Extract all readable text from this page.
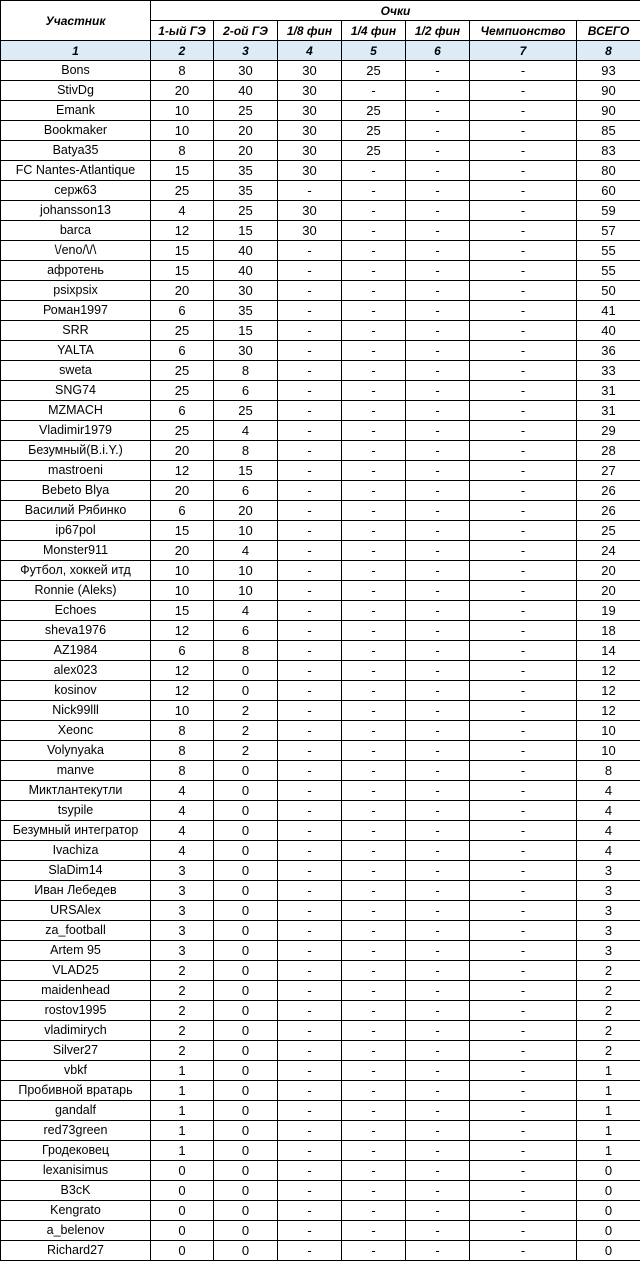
Участник	Очки						
	1-ый ГЭ	2-ой ГЭ	1/8 фин	1/4 фин	1/2 фин	Чемпионство	ВСЕГО
1	2	3	4	5	6	7	8
Bons	8	30	30	25	-	-	93
StivDg	20	40	30	-	-	-	90
Emank	10	25	30	25	-	-	90
Bookmaker	10	20	30	25	-	-	85
Batya35	8	20	30	25	-	-	83
FC Nantes-Atlantique	15	35	30	-	-	-	80
серж63	25	35	-	-	-	-	60
johansson13	4	25	30	-	-	-	59
barca	12	15	30	-	-	-	57
\/eno/\/\	15	40	-	-	-	-	55
афротень	15	40	-	-	-	-	55
psixpsix	20	30	-	-	-	-	50
Роман1997	6	35	-	-	-	-	41
SRR	25	15	-	-	-	-	40
YALTA	6	30	-	-	-	-	36
sweta	25	8	-	-	-	-	33
SNG74	25	6	-	-	-	-	31
MZMACH	6	25	-	-	-	-	31
Vladimir1979	25	4	-	-	-	-	29
Безумный(B.i.Y.)	20	8	-	-	-	-	28
mastroeni	12	15	-	-	-	-	27
Bebeto Blya	20	6	-	-	-	-	26
Василий Рябинко	6	20	-	-	-	-	26
ip67pol	15	10	-	-	-	-	25
Monster911	20	4	-	-	-	-	24
Футбол, хоккей итд	10	10	-	-	-	-	20
Ronnie (Aleks)	10	10	-	-	-	-	20
Echoes	15	4	-	-	-	-	19
sheva1976	12	6	-	-	-	-	18
AZ1984	6	8	-	-	-	-	14
alex023	12	0	-	-	-	-	12
kosinov	12	0	-	-	-	-	12
Nick99lll	10	2	-	-	-	-	12
Xeonc	8	2	-	-	-	-	10
Volynyaka	8	2	-	-	-	-	10
manve	8	0	-	-	-	-	8
Миктлантекутли	4	0	-	-	-	-	4
tsypile	4	0	-	-	-	-	4
Безумный интегратор	4	0	-	-	-	-	4
Ivachiza	4	0	-	-	-	-	4
SlaDim14	3	0	-	-	-	-	3
Иван Лебедев	3	0	-	-	-	-	3
URSAlex	3	0	-	-	-	-	3
za_football	3	0	-	-	-	-	3
Artem 95	3	0	-	-	-	-	3
VLAD25	2	0	-	-	-	-	2
maidenhead	2	0	-	-	-	-	2
rostov1995	2	0	-	-	-	-	2
vladimirych	2	0	-	-	-	-	2
Silver27	2	0	-	-	-	-	2
vbkf	1	0	-	-	-	-	1
Пробивной вратарь	1	0	-	-	-	-	1
gandalf	1	0	-	-	-	-	1
red73green	1	0	-	-	-	-	1
Гродековец	1	0	-	-	-	-	1
lexanisimus	0	0	-	-	-	-	0
B3cK	0	0	-	-	-	-	0
Kengrato	0	0	-	-	-	-	0
a_belenov	0	0	-	-	-	-	0
Richard27	0	0	-	-	-	-	0
